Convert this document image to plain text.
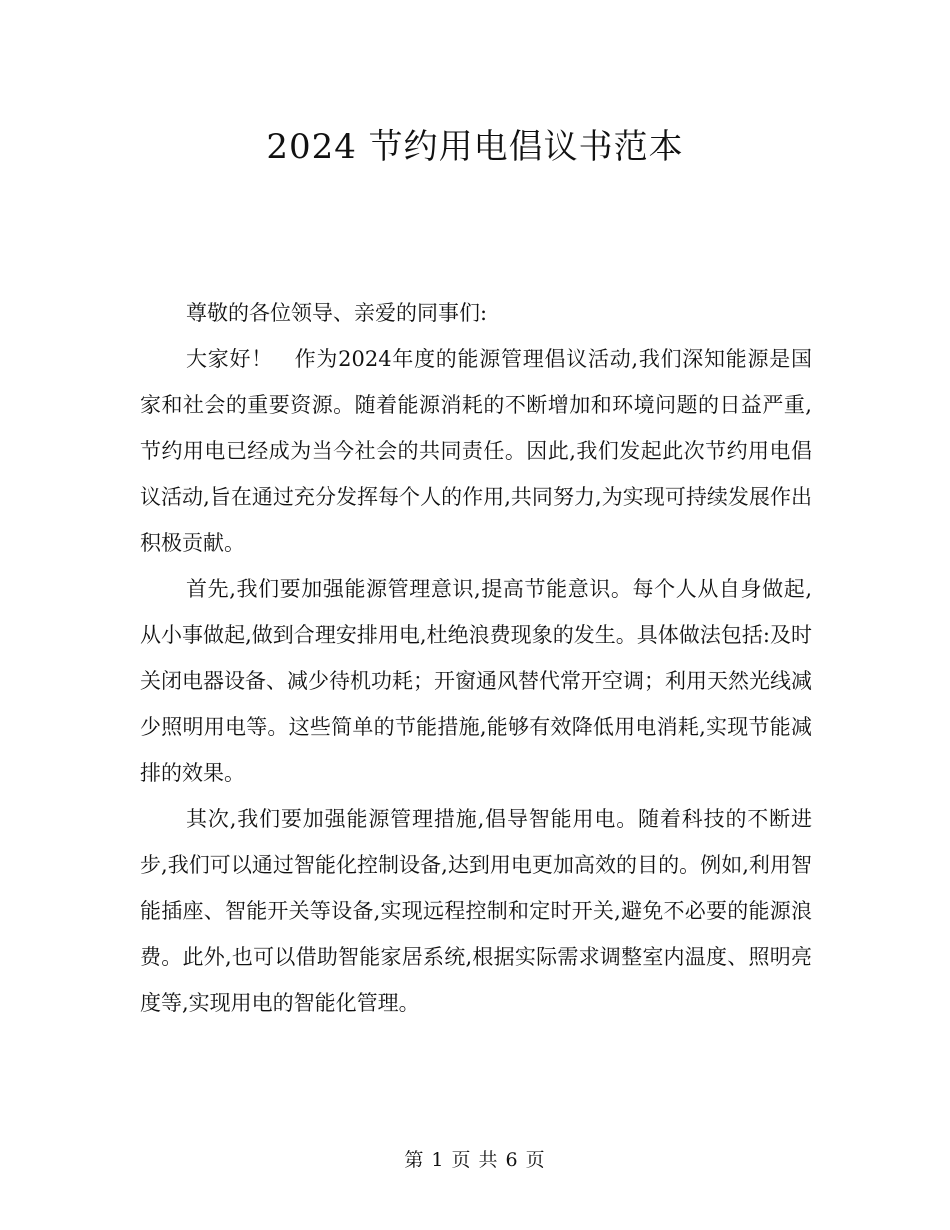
2024 节约用电倡议书范本

尊敬的各位领导、亲爱的同事们:

大家好！　作为2024年度的能源管理倡议活动,我们深知能源是国家和社会的重要资源。随着能源消耗的不断增加和环境问题的日益严重,节约用电已经成为当今社会的共同责任。因此,我们发起此次节约用电倡议活动,旨在通过充分发挥每个人的作用,共同努力,为实现可持续发展作出积极贡献。

首先,我们要加强能源管理意识,提高节能意识。每个人从自身做起,从小事做起,做到合理安排用电,杜绝浪费现象的发生。具体做法包括:及时关闭电器设备、减少待机功耗；开窗通风替代常开空调；利用天然光线减少照明用电等。这些简单的节能措施,能够有效降低用电消耗,实现节能减排的效果。

其次,我们要加强能源管理措施,倡导智能用电。随着科技的不断进步,我们可以通过智能化控制设备,达到用电更加高效的目的。例如,利用智能插座、智能开关等设备,实现远程控制和定时开关,避免不必要的能源浪费。此外,也可以借助智能家居系统,根据实际需求调整室内温度、照明亮度等,实现用电的智能化管理。

第 1 页 共 6 页
